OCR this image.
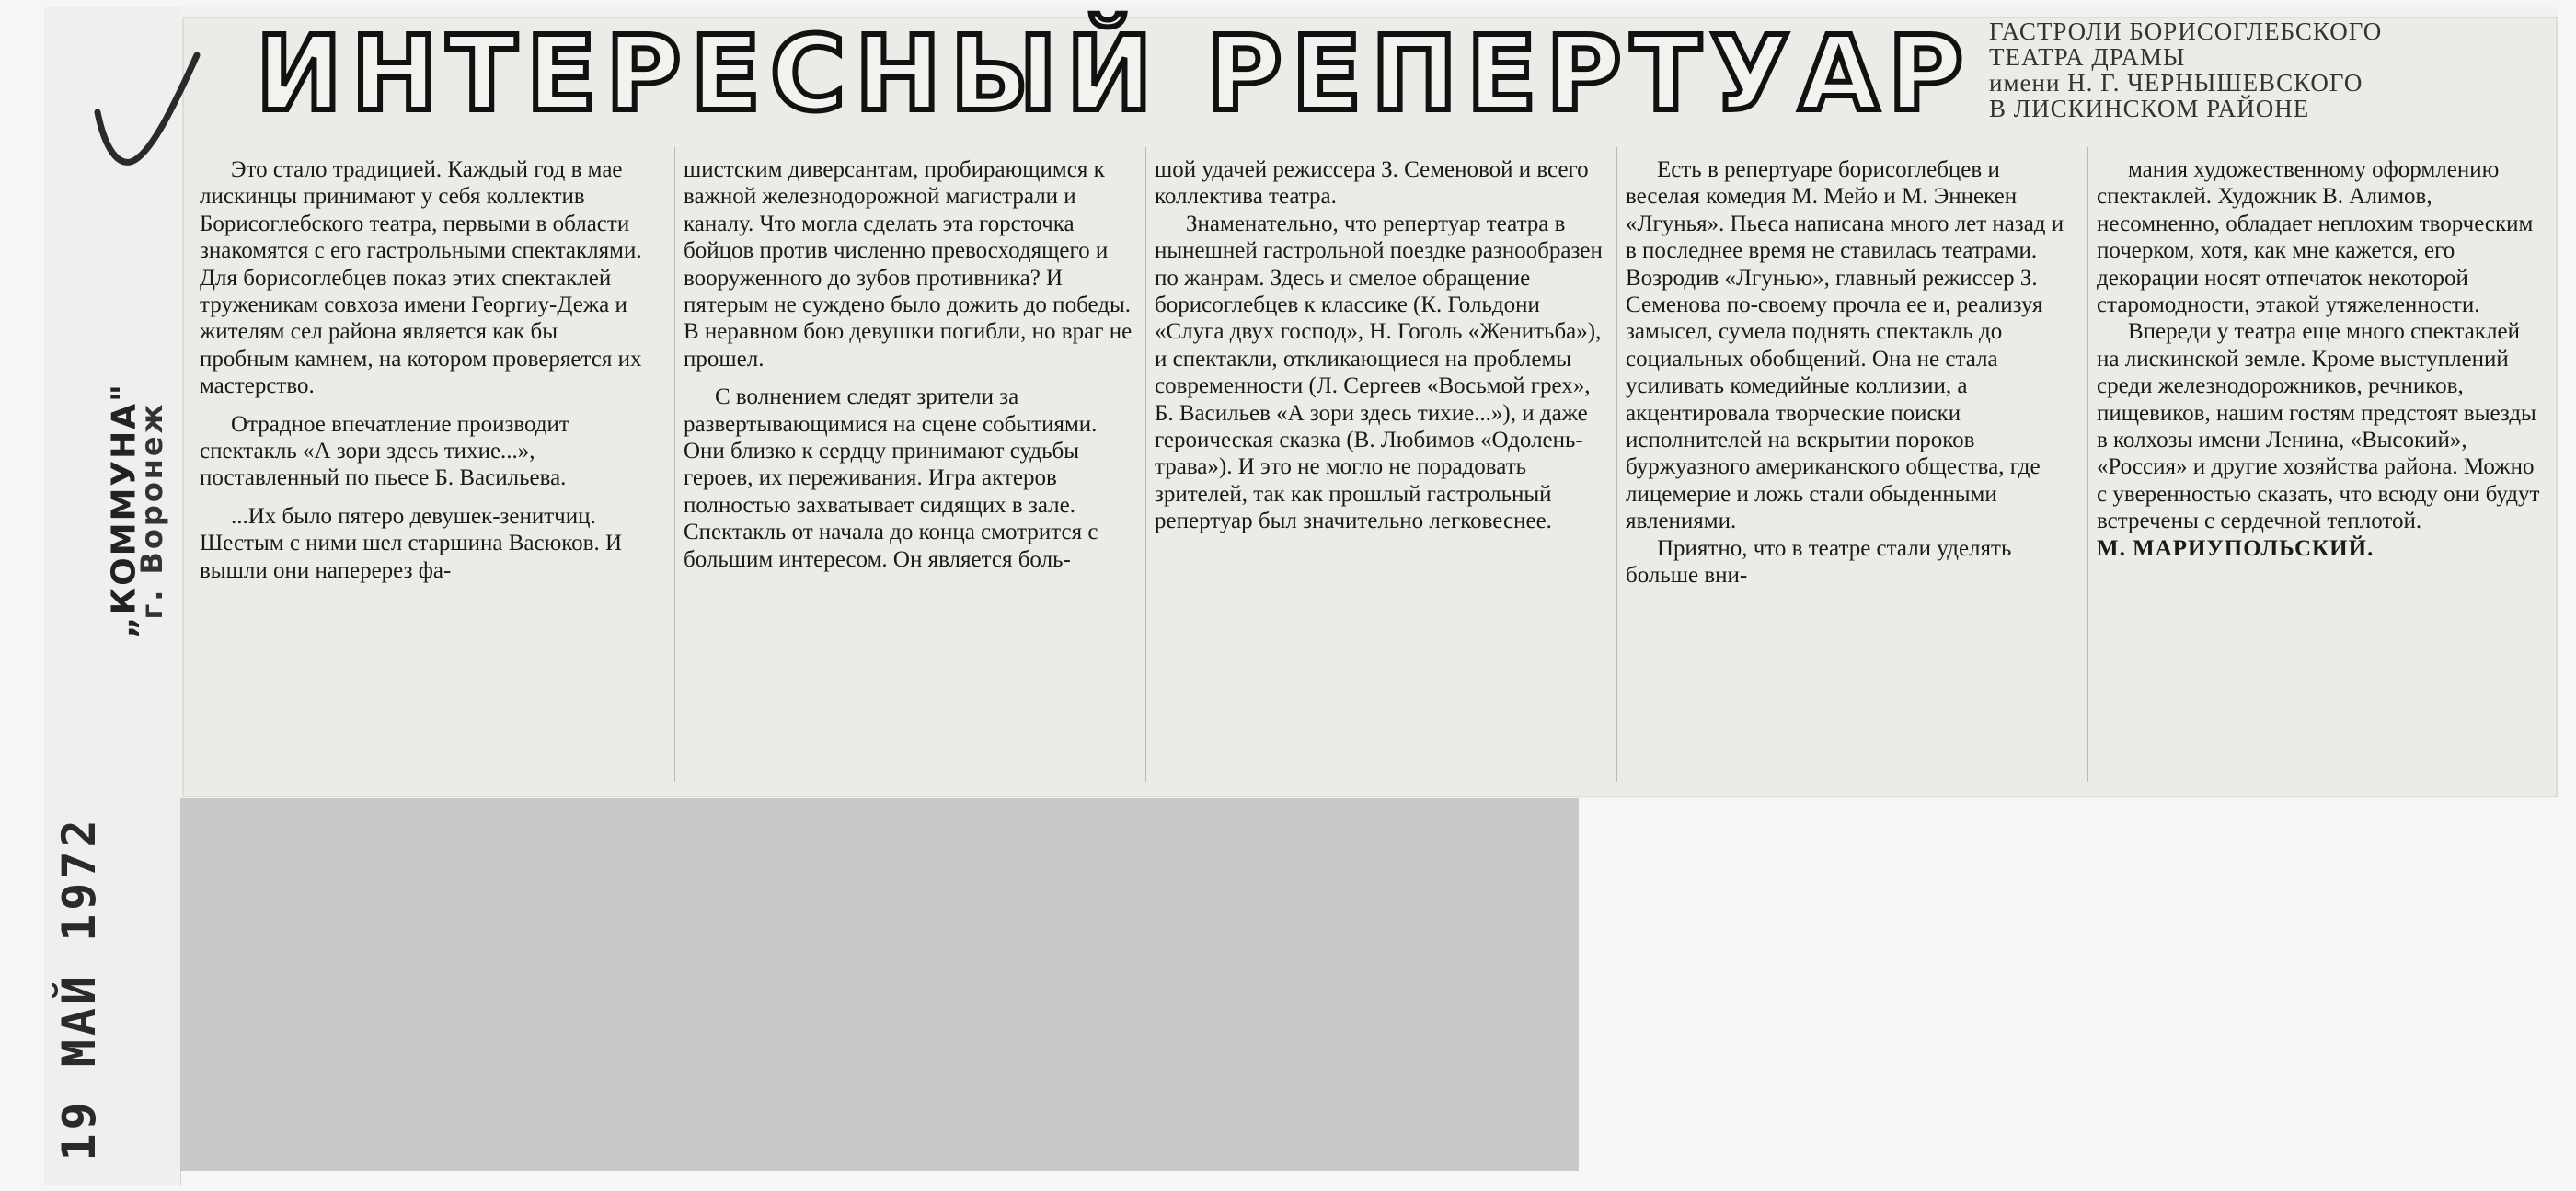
ИНТЕРЕСНЫЙ РЕПЕРТУАР ГАСТРОЛИ БОРИСОГЛЕБСКОГО
ТЕАТРА ДРАМЫ
имени Н. Г. ЧЕРНЫШЕВСКОГО
В ЛИСКИНСКОМ РАЙОНЕ

Это стало традицией. Каждый год в мае лискинцы принимают у себя коллектив Борисоглебского театра, первыми в области знакомятся с его гастрольными спектаклями. Для борисоглебцев показ этих спектаклей труженикам совхоза имени Георгиу-Дежа и жителям сел района является как бы пробным камнем, на котором проверяется их мастерство.

Отрадное впечатление производит спектакль «А зори здесь тихие...», поставленный по пьесе Б. Васильева.

...Их было пятеро девушек-зенитчиц. Шестым с ними шел старшина Васюков. И вышли они наперерез фа-

шистским диверсантам, пробирающимся к важной железнодорожной магистрали и каналу. Что могла сделать эта горсточка бойцов против численно превосходящего и вооруженного до зубов противника? И пятерым не суждено было дожить до победы. В неравном бою девушки погибли, но враг не прошел.

С волнением следят зрители за развертывающимися на сцене событиями. Они близко к сердцу принимают судьбы героев, их переживания. Игра актеров полностью захватывает сидящих в зале. Спектакль от начала до конца смотрится с большим интересом. Он является боль-

шой удачей режиссера З. Семеновой и всего коллектива театра.

Знаменательно, что репертуар театра в нынешней гастрольной поездке разнообразен по жанрам. Здесь и смелое обращение борисоглебцев к классике (К. Гольдони «Слуга двух господ», Н. Гоголь «Женитьба»), и спектакли, откликающиеся на проблемы современности (Л. Сергеев «Восьмой грех», Б. Васильев «А зори здесь тихие...»), и даже героическая сказка (В. Любимов «Одолень-трава»). И это не могло не порадовать зрителей, так как прошлый гастрольный репертуар был значительно легковеснее.

Есть в репертуаре борисоглебцев и веселая комедия М. Мейо и М. Эннекен «Лгунья». Пьеса написана много лет назад и в последнее время не ставилась театрами. Возродив «Лгунью», главный режиссер З. Семенова по-своему прочла ее и, реализуя замысел, сумела поднять спектакль до социальных обобщений. Она не стала усиливать комедийные коллизии, а акцентировала творческие поиски исполнителей на вскрытии пороков буржуазного американского общества, где лицемерие и ложь стали обыденными явлениями.

Приятно, что в театре стали уделять больше вни-

мания художественному оформлению спектаклей. Художник В. Алимов, несомненно, обладает неплохим творческим почерком, хотя, как мне кажется, его декорации носят отпечаток некоторой старомодности, этакой утяжеленности.

Впереди у театра еще много спектаклей на лискинской земле. Кроме выступлений среди железнодорожников, речников, пищевиков, нашим гостям предстоят выезды в колхозы имени Ленина, «Высокий», «Россия» и другие хозяйства района. Можно с уверенностью сказать, что всюду они будут встречены с сердечной теплотой.

М. МАРИУПОЛЬСКИЙ.

„КОММУНА"
г. Воронеж
19 МАЙ 1972
